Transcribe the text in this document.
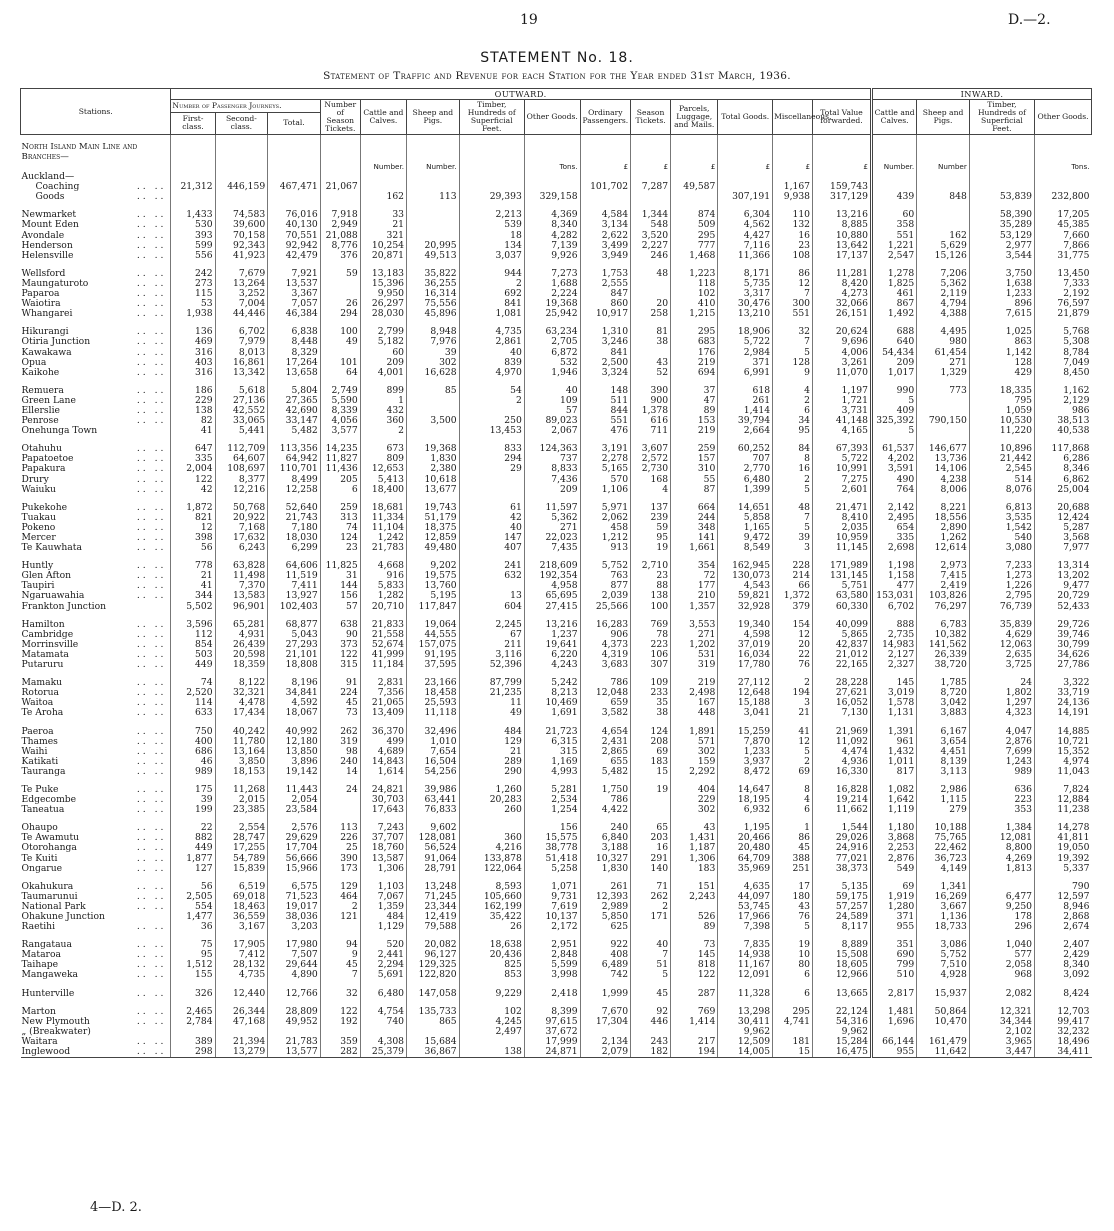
19	D.—2.
STATEMENT No. 18.
Statement of Traffic and Revenue for each Station for the Year ended 31st March, 1936.
Stations.	OUTWARD.														INWARD.			
	Number of Passenger Journeys.			Number of Season Tickets.	Cattle and Calves.	Sheep and Pigs.	Timber, Hundreds of Superficial Feet.	Other Goods.	Ordinary Passengers.	Season Tickets.	Parcels, Luggage, and Mails.	Total Goods.	Miscellaneous.	Total Value forwarded.	Cattle and Calves.	Sheep and Pigs.	Timber, Hundreds of Superficial Feet.	Other Goods.
	First-class.	Second-class.	Total.															

North Island Main Line and Branches—																		
					Number.	Number.		Tons.	£	£	£	£	£	£	Number.	Number		Tons.
Auckland—																		
Coaching .. ..	21,312	446,159	467,471	21,067					101,702	7,287	49,587		1,167	159,743				
Goods .. ..					162	113	29,393	329,158				307,191	9,938	317,129	439	848	53,839	232,800

Newmarket .. ..	1,433	74,583	76,016	7,918	33		2,213	4,369	4,584	1,344	874	6,304	110	13,216	60		58,390	17,205
Mount Eden .. ..	530	39,600	40,130	2,949	21		539	8,340	3,134	548	509	4,562	132	8,885	358		35,289	45,385
Avondale .. ..	393	70,158	70,551	21,088	321		18	4,282	2,622	3,520	295	4,427	16	10,880	551	162	53,129	7,660
Henderson .. ..	599	92,343	92,942	8,776	10,254	20,995	134	7,139	3,499	2,227	777	7,116	23	13,642	1,221	5,629	2,977	7,866
Helensville .. ..	556	41,923	42,479	376	20,871	49,513	3,037	9,926	3,949	246	1,468	11,366	108	17,137	2,547	15,126	3,544	31,775

Wellsford .. ..	242	7,679	7,921	59	13,183	35,822	944	7,273	1,753	48	1,223	8,171	86	11,281	1,278	7,206	3,750	13,450
Maungaturoto .. ..	273	13,264	13,537		15,396	36,255	2	1,688	2,555		118	5,735	12	8,420	1,825	5,362	1,638	7,333
Paparoa .. ..	115	3,252	3,367		9,950	16,314	692	2,224	847		102	3,317	7	4,273	461	2,119	1,233	2,192
Waiotira .. ..	53	7,004	7,057	26	26,297	75,556	841	19,368	860	20	410	30,476	300	32,066	867	4,794	896	76,597
Whangarei .. ..	1,938	44,446	46,384	294	28,030	45,896	1,081	25,942	10,917	258	1,215	13,210	551	26,151	1,492	4,388	7,615	21,879

Hikurangi .. ..	136	6,702	6,838	100	2,799	8,948	4,735	63,234	1,310	81	295	18,906	32	20,624	688	4,495	1,025	5,768
Otiria Junction .. ..	469	7,979	8,448	49	5,182	7,976	2,861	2,705	3,246	38	683	5,722	7	9,696	640	980	863	5,308
Kawakawa .. ..	316	8,013	8,329		60	39	40	6,872	841		176	2,984	5	4,006	54,434	61,454	1,142	8,784
Opua .. ..	403	16,861	17,264	101	209	302	839	532	2,500	43	219	371	128	3,261	209	271	128	7,049
Kaikohe .. ..	316	13,342	13,658	64	4,001	16,628	4,970	1,946	3,324	52	694	6,991	9	11,070	1,017	1,329	429	8,450

Remuera .. ..	186	5,618	5,804	2,749	899	85	54	40	148	390	37	618	4	1,197	990	773	18,335	1,162
Green Lane .. ..	229	27,136	27,365	5,590	1		2	109	511	900	47	261	2	1,721	5		795	2,129
Ellerslie .. ..	138	42,552	42,690	8,339	432			57	844	1,378	89	1,414	6	3,731	409		1,059	986
Penrose .. ..	82	33,065	33,147	4,056	360	3,500	250	89,023	551	616	153	39,794	34	41,148	325,392	790,150	10,530	38,513
Onehunga Town	41	5,441	5,482	3,577	2		13,453	2,067	476	711	219	2,664	95	4,165	5		11,220	40,538

Otahuhu .. ..	647	112,709	113,356	14,235	673	19,368	833	124,363	3,191	3,607	259	60,252	84	67,393	61,537	146,677	10,896	117,868
Papatoetoe .. ..	335	64,607	64,942	11,827	809	1,830	294	737	2,278	2,572	157	707	8	5,722	4,202	13,736	21,442	6,286
Papakura .. ..	2,004	108,697	110,701	11,436	12,653	2,380	29	8,833	5,165	2,730	310	2,770	16	10,991	3,591	14,106	2,545	8,346
Drury .. ..	122	8,377	8,499	205	5,413	10,618		7,436	570	168	55	6,480	2	7,275	490	4,238	514	6,862
Waiuku .. ..	42	12,216	12,258	6	18,400	13,677		209	1,106	4	87	1,399	5	2,601	764	8,006	8,076	25,004

Pukekohe .. ..	1,872	50,768	52,640	259	18,681	19,743	61	11,597	5,971	137	664	14,651	48	21,471	2,142	8,221	6,813	20,688
Tuakau .. ..	821	20,922	21,743	313	11,334	51,179	42	5,362	2,062	239	244	5,858	7	8,410	2,495	18,556	3,535	12,424
Pokeno .. ..	12	7,168	7,180	74	11,104	18,375	40	271	458	59	348	1,165	5	2,035	654	2,890	1,542	5,287
Mercer .. ..	398	17,632	18,030	124	1,242	12,859	147	22,023	1,212	95	141	9,472	39	10,959	335	1,262	540	3,568
Te Kauwhata .. ..	56	6,243	6,299	23	21,783	49,480	407	7,435	913	19	1,661	8,549	3	11,145	2,698	12,614	3,080	7,977

Huntly .. ..	778	63,828	64,606	11,825	4,668	9,202	241	218,609	5,752	2,710	354	162,945	228	171,989	1,198	2,973	7,233	13,314
Glen Afton .. ..	21	11,498	11,519	31	916	19,575	632	192,354	763	23	72	130,073	214	131,145	1,158	7,415	1,273	13,202
Taupiri .. ..	41	7,370	7,411	144	5,833	13,760		4,958	877	88	177	4,543	66	5,751	477	2,419	1,226	9,477
Ngaruawahia .. ..	344	13,583	13,927	156	1,282	5,195	13	65,695	2,039	138	210	59,821	1,372	63,580	153,031	103,826	2,795	20,729
Frankton Junction	5,502	96,901	102,403	57	20,710	117,847	604	27,415	25,566	100	1,357	32,928	379	60,330	6,702	76,297	76,739	52,433

Hamilton .. ..	3,596	65,281	68,877	638	21,833	19,064	2,245	13,216	16,283	769	3,553	19,340	154	40,099	888	6,783	35,839	29,726
Cambridge .. ..	112	4,931	5,043	90	21,558	44,555	67	1,237	906	78	271	4,598	12	5,865	2,735	10,382	4,629	39,746
Morrinsville .. ..	854	26,439	27,293	373	52,674	157,075	211	19,641	4,373	223	1,202	37,019	20	42,837	14,983	141,562	12,063	30,799
Matamata .. ..	503	20,598	21,101	122	41,999	91,195	3,116	6,220	4,319	106	531	16,034	22	21,012	2,127	26,339	2,635	34,626
Putaruru .. ..	449	18,359	18,808	315	11,184	37,595	52,396	4,243	3,683	307	319	17,780	76	22,165	2,327	38,720	3,725	27,786

Mamaku .. ..	74	8,122	8,196	91	2,831	23,166	87,799	5,242	786	109	219	27,112	2	28,228	145	1,785	24	3,322
Rotorua .. ..	2,520	32,321	34,841	224	7,356	18,458	21,235	8,213	12,048	233	2,498	12,648	194	27,621	3,019	8,720	1,802	33,719
Waitoa .. ..	114	4,478	4,592	45	21,065	25,593	11	10,469	659	35	167	15,188	3	16,052	1,578	3,042	1,297	24,136
Te Aroha .. ..	633	17,434	18,067	73	13,409	11,118	49	1,691	3,582	38	448	3,041	21	7,130	1,131	3,883	4,323	14,191

Paeroa .. ..	750	40,242	40,992	262	36,370	32,496	484	21,723	4,654	124	1,891	15,259	41	21,969	1,391	6,167	4,047	14,885
Thames .. ..	400	11,780	12,180	319	499	1,010	129	6,315	2,431	208	571	7,870	12	11,092	961	3,654	2,876	10,721
Waihi .. ..	686	13,164	13,850	98	4,689	7,654	21	315	2,865	69	302	1,233	5	4,474	1,432	4,451	7,699	15,352
Katikati .. ..	46	3,850	3,896	240	14,843	16,504	289	1,169	655	183	159	3,937	2	4,936	1,011	8,139	1,243	4,974
Tauranga .. ..	989	18,153	19,142	14	1,614	54,256	290	4,993	5,482	15	2,292	8,472	69	16,330	817	3,113	989	11,043

Te Puke .. ..	175	11,268	11,443	24	24,821	39,986	1,260	5,281	1,750	19	404	14,647	8	16,828	1,082	2,986	636	7,824
Edgecombe .. ..	39	2,015	2,054		30,703	63,441	20,283	2,534	786		229	18,195	4	19,214	1,642	1,115	223	12,884
Taneatua .. ..	199	23,385	23,584		17,643	76,833	260	1,254	4,422		302	6,932	6	11,662	1,119	279	353	11,238

Ohaupo .. ..	22	2,554	2,576	113	7,243	9,602		156	240	65	43	1,195	1	1,544	1,180	10,188	1,384	14,278
Te Awamutu .. ..	882	28,747	29,629	226	37,707	128,081	360	15,575	6,840	203	1,431	20,466	86	29,026	3,868	75,765	12,081	41,811
Otorohanga .. ..	449	17,255	17,704	25	18,760	56,524	4,216	38,778	3,188	16	1,187	20,480	45	24,916	2,253	22,462	8,800	19,050
Te Kuiti .. ..	1,877	54,789	56,666	390	13,587	91,064	133,878	51,418	10,327	291	1,306	64,709	388	77,021	2,876	36,723	4,269	19,392
Ongarue .. ..	127	15,839	15,966	173	1,306	28,791	122,064	5,258	1,830	140	183	35,969	251	38,373	549	4,149	1,813	5,337

Okahukura .. ..	56	6,519	6,575	129	1,103	13,248	8,593	1,071	261	71	151	4,635	17	5,135	69	1,341		790
Taumarunui .. ..	2,505	69,018	71,523	464	7,067	71,245	105,660	9,731	12,393	262	2,243	44,097	180	59,175	1,919	16,269	6,477	12,597
National Park .. ..	554	18,463	19,017	2	1,359	23,344	162,199	7,619	2,989	2		53,745	43	57,257	1,280	3,667	9,250	8,946
Ohakune Junction	1,477	36,559	38,036	121	484	12,419	35,422	10,137	5,850	171	526	17,966	76	24,589	371	1,136	178	2,868
Raetihi .. ..	36	3,167	3,203		1,129	79,588	26	2,172	625		89	7,398	5	8,117	955	18,733	296	2,674

Rangataua .. ..	75	17,905	17,980	94	520	20,082	18,638	2,951	922	40	73	7,835	19	8,889	351	3,086	1,040	2,407
Mataroa .. ..	95	7,412	7,507	9	2,441	96,127	20,436	2,848	408	7	145	14,938	10	15,508	690	5,752	577	2,429
Taihape .. ..	1,512	28,132	29,644	45	2,294	129,325	825	5,599	6,489	51	818	11,167	80	18,605	799	7,510	2,058	8,340
Mangaweka .. ..	155	4,735	4,890	7	5,691	122,820	853	3,998	742	5	122	12,091	6	12,966	510	4,928	968	3,092

Hunterville .. ..	326	12,440	12,766	32	6,480	147,058	9,229	2,418	1,999	45	287	11,328	6	13,665	2,817	15,937	2,082	8,424

Marton .. ..	2,465	26,344	28,809	122	4,754	135,733	102	8,399	7,670	92	769	13,298	295	22,124	1,481	50,864	12,321	12,703
New Plymouth .. ..	2,784	47,168	49,952	192	740	865	4,245	97,615	17,304	446	1,414	30,411	4,741	54,316	1,696	10,470	34,344	99,417
„ (Breakwater)							2,497	37,672				9,962		9,962			2,102	32,232
Waitara .. ..	389	21,394	21,783	359	4,308	15,684		17,999	2,134	243	217	12,509	181	15,284	66,144	161,479	3,965	18,496
Inglewood .. ..	298	13,279	13,577	282	25,379	36,867	138	24,871	2,079	182	194	14,005	15	16,475	955	11,642	3,447	34,411
4—D. 2.
